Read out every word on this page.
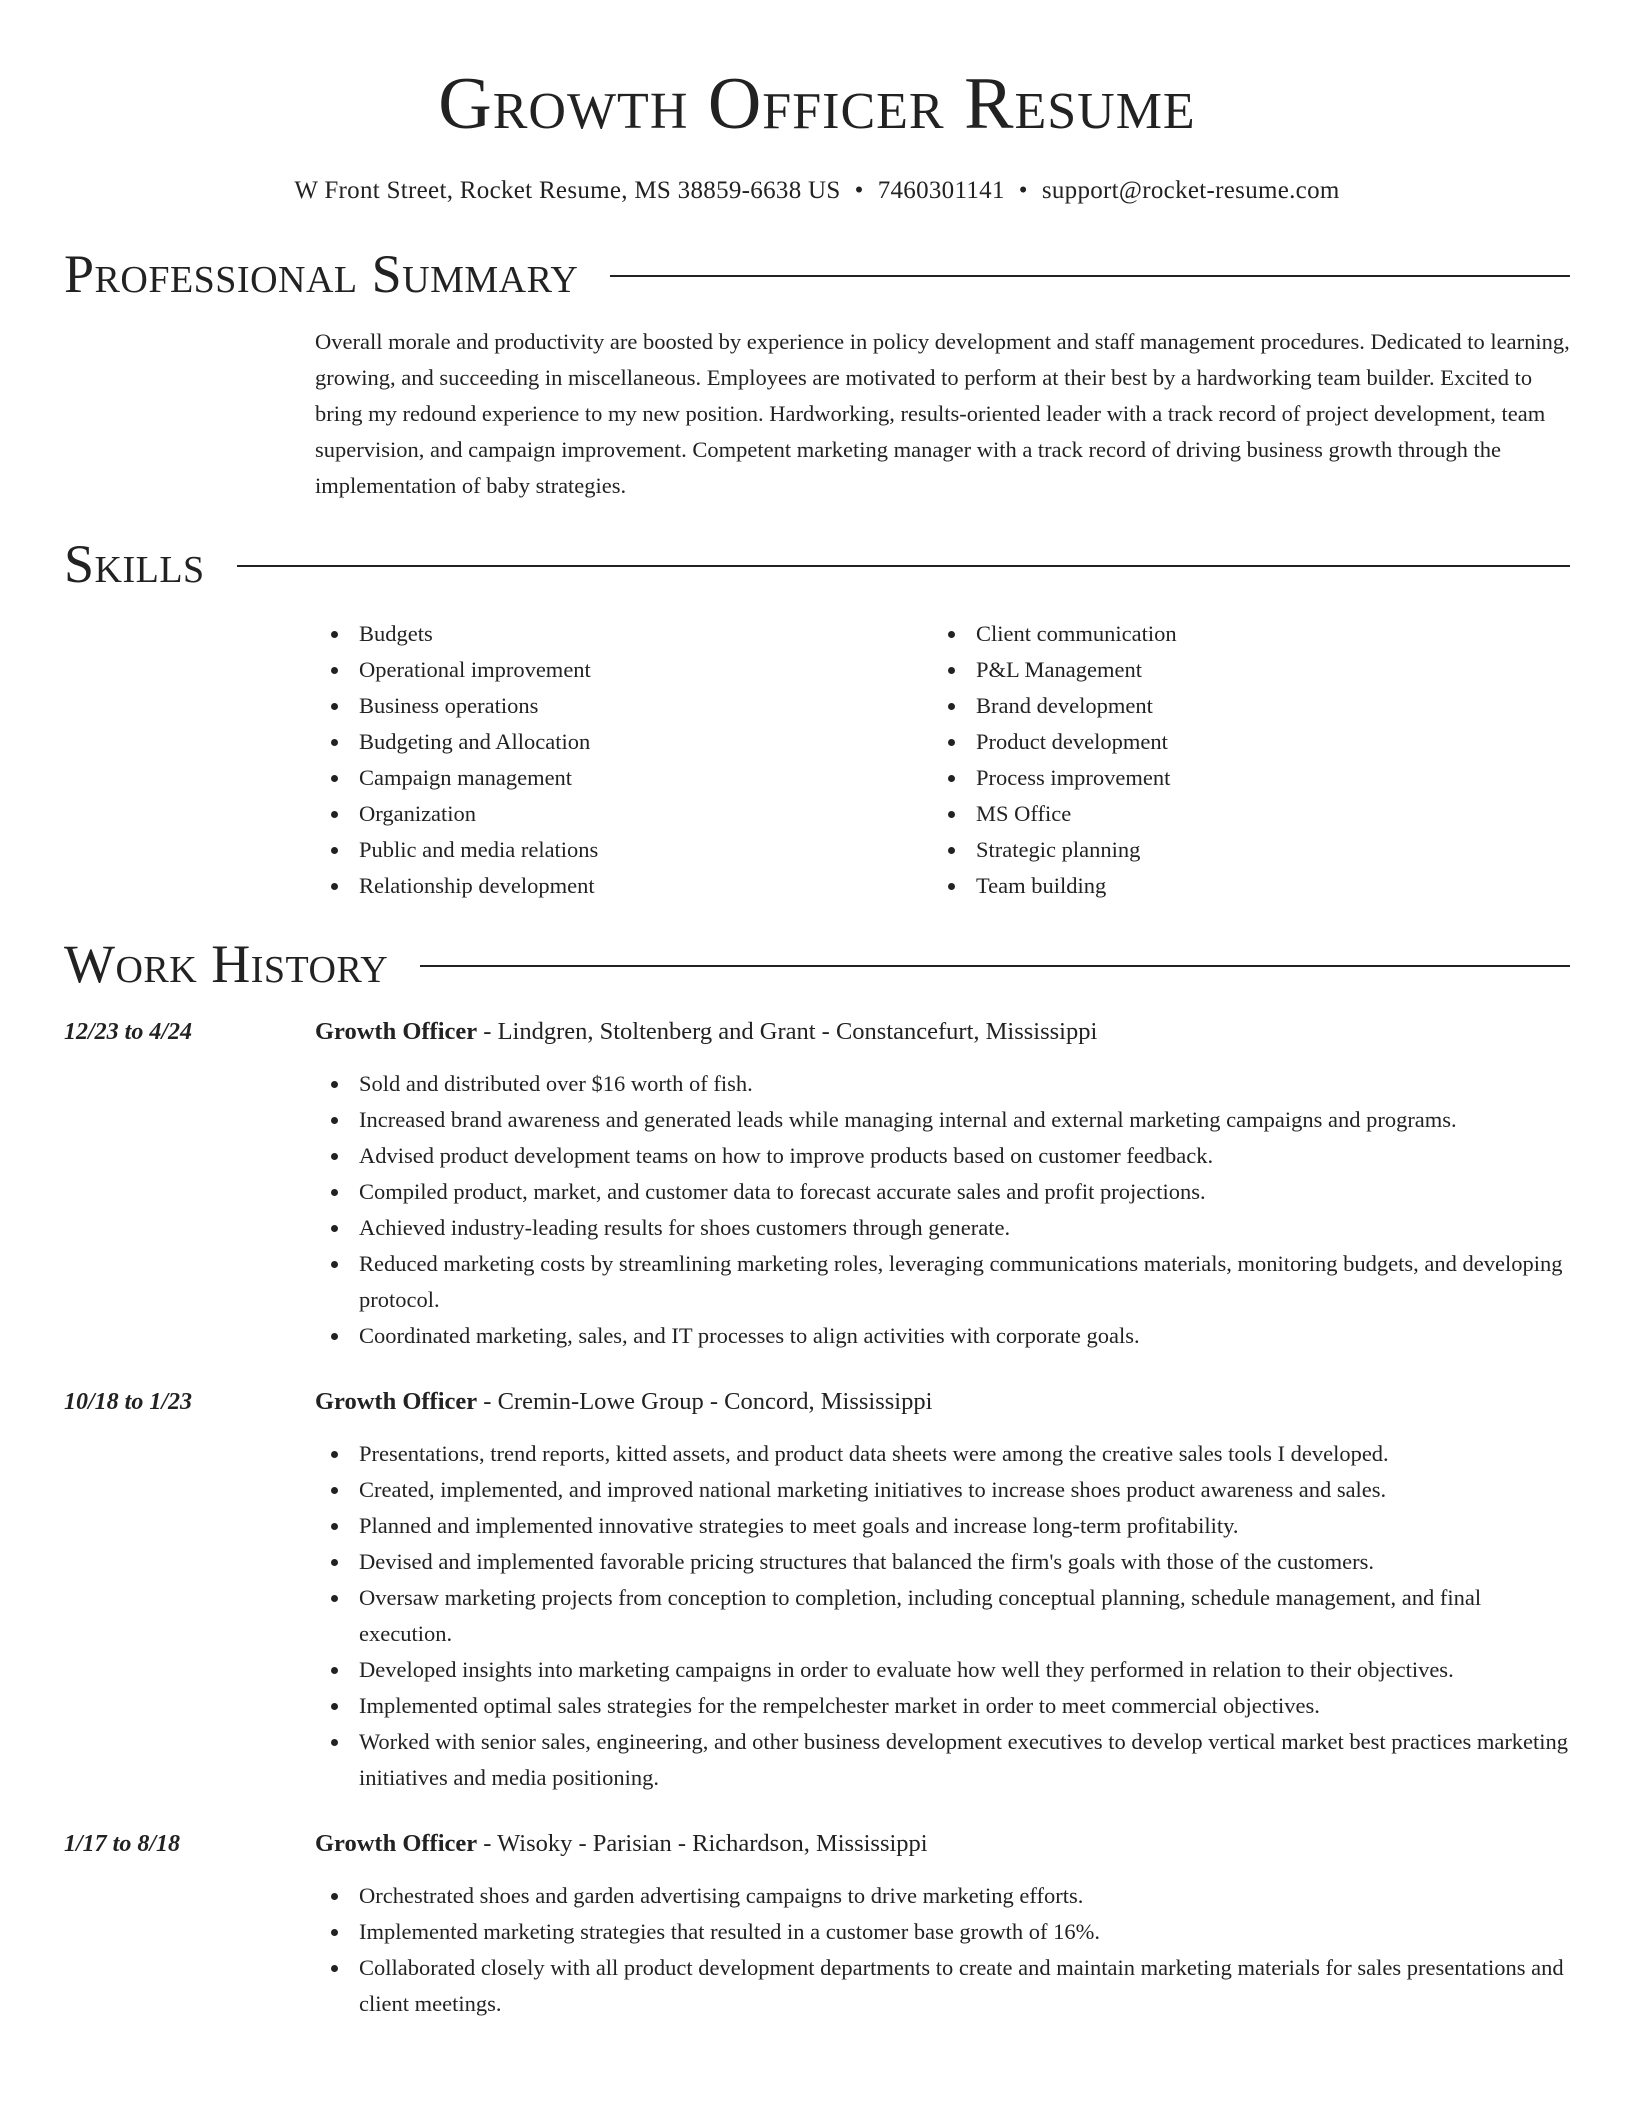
Growth Officer Resume
W Front Street, Rocket Resume, MS 38859-6638 US • 7460301141 • support@rocket-resume.com
Professional Summary
Overall morale and productivity are boosted by experience in policy development and staff management procedures. Dedicated to learning, growing, and succeeding in miscellaneous. Employees are motivated to perform at their best by a hardworking team builder. Excited to bring my redound experience to my new position. Hardworking, results-oriented leader with a track record of project development, team supervision, and campaign improvement. Competent marketing manager with a track record of driving business growth through the implementation of baby strategies.
Skills
Budgets
Operational improvement
Business operations
Budgeting and Allocation
Campaign management
Organization
Public and media relations
Relationship development
Client communication
P&L Management
Brand development
Product development
Process improvement
MS Office
Strategic planning
Team building
Work History
12/23 to 4/24	Growth Officer - Lindgren, Stoltenberg and Grant - Constancefurt, Mississippi
Sold and distributed over $16 worth of fish.
Increased brand awareness and generated leads while managing internal and external marketing campaigns and programs.
Advised product development teams on how to improve products based on customer feedback.
Compiled product, market, and customer data to forecast accurate sales and profit projections.
Achieved industry-leading results for shoes customers through generate.
Reduced marketing costs by streamlining marketing roles, leveraging communications materials, monitoring budgets, and developing protocol.
Coordinated marketing, sales, and IT processes to align activities with corporate goals.
10/18 to 1/23	Growth Officer - Cremin-Lowe Group - Concord, Mississippi
Presentations, trend reports, kitted assets, and product data sheets were among the creative sales tools I developed.
Created, implemented, and improved national marketing initiatives to increase shoes product awareness and sales.
Planned and implemented innovative strategies to meet goals and increase long-term profitability.
Devised and implemented favorable pricing structures that balanced the firm's goals with those of the customers.
Oversaw marketing projects from conception to completion, including conceptual planning, schedule management, and final execution.
Developed insights into marketing campaigns in order to evaluate how well they performed in relation to their objectives.
Implemented optimal sales strategies for the rempelchester market in order to meet commercial objectives.
Worked with senior sales, engineering, and other business development executives to develop vertical market best practices marketing initiatives and media positioning.
1/17 to 8/18	Growth Officer - Wisoky - Parisian - Richardson, Mississippi
Orchestrated shoes and garden advertising campaigns to drive marketing efforts.
Implemented marketing strategies that resulted in a customer base growth of 16%.
Collaborated closely with all product development departments to create and maintain marketing materials for sales presentations and client meetings.
